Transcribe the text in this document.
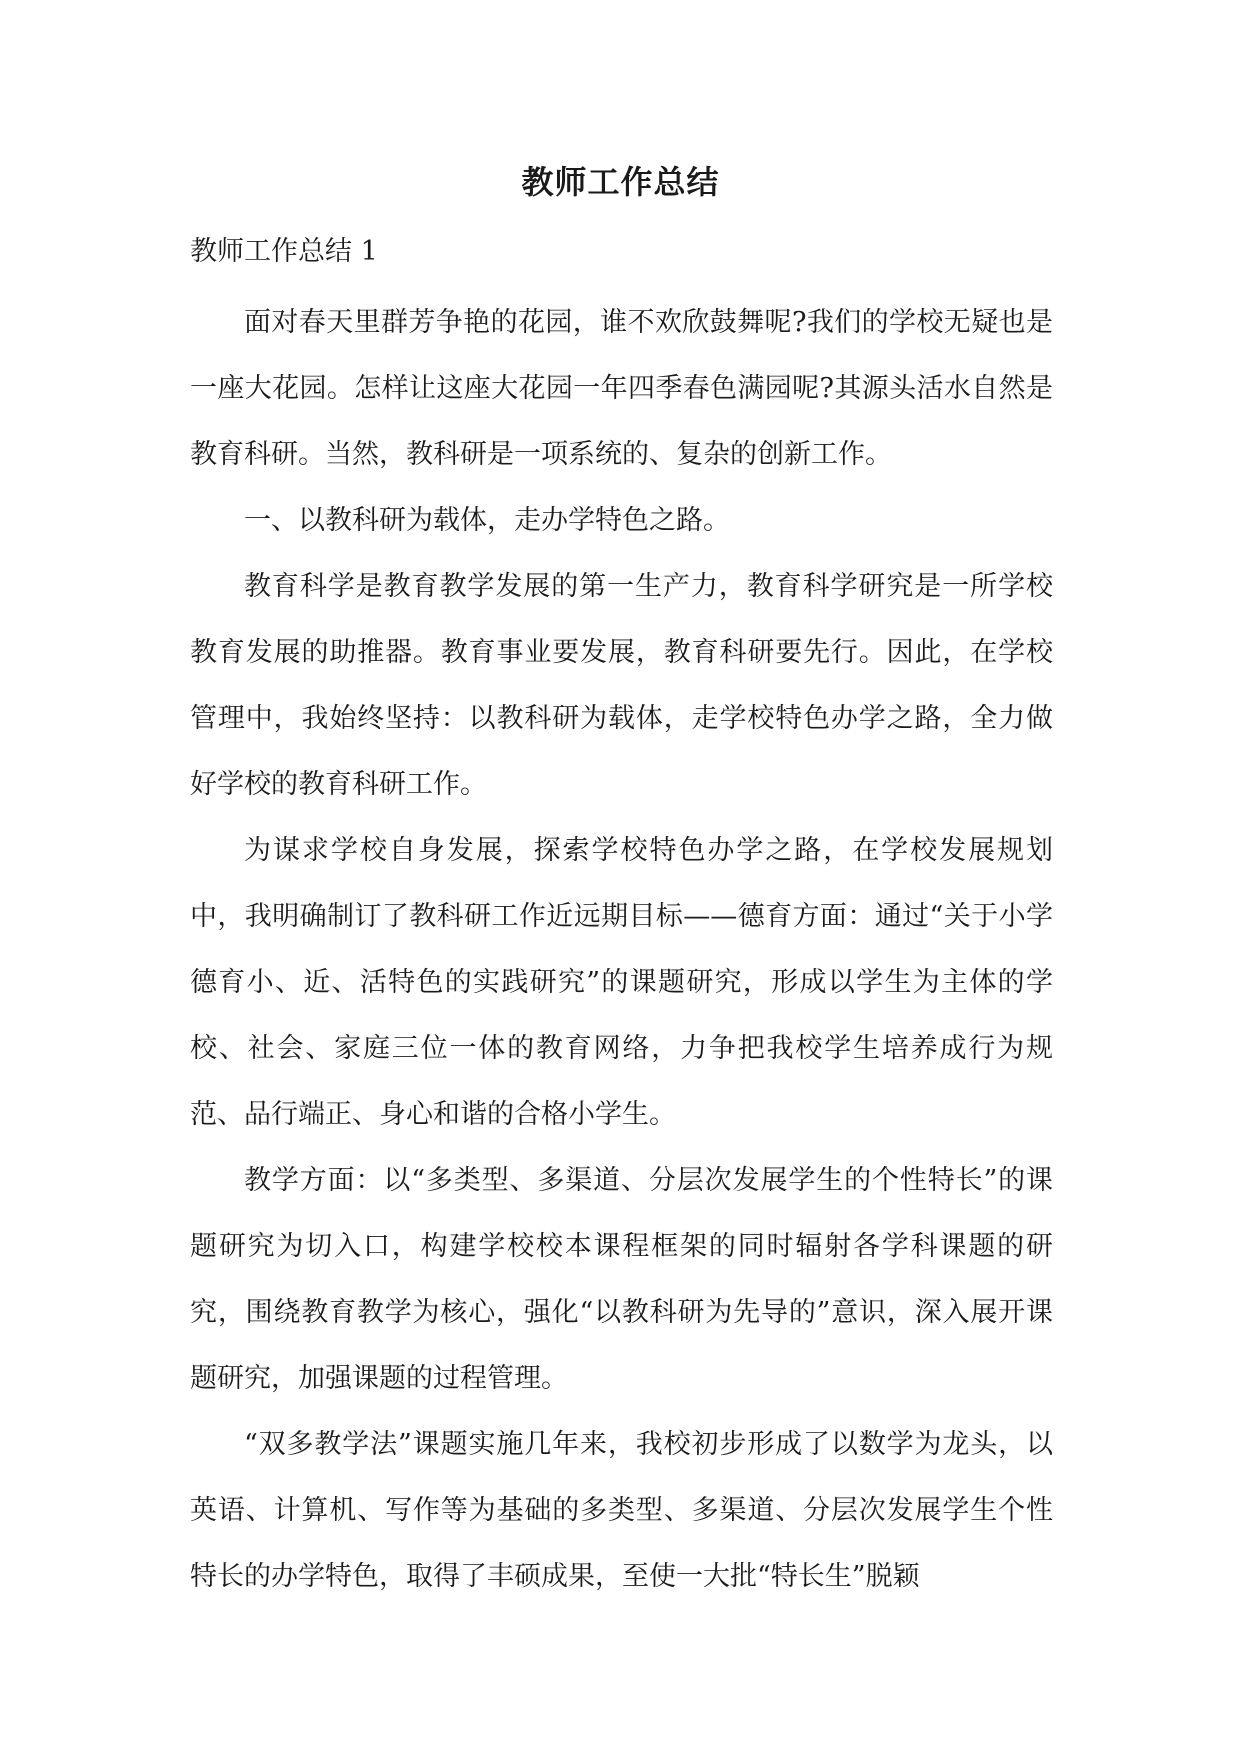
教师工作总结
教师工作总结 1

面对春天里群芳争艳的花园，谁不欢欣鼓舞呢?我们的学校无疑也是一座大花园。怎样让这座大花园一年四季春色满园呢?其源头活水自然是教育科研。当然，教科研是一项系统的、复杂的创新工作。

一、以教科研为载体，走办学特色之路。

教育科学是教育教学发展的第一生产力，教育科学研究是一所学校教育发展的助推器。教育事业要发展，教育科研要先行。因此，在学校管理中，我始终坚持：以教科研为载体，走学校特色办学之路，全力做好学校的教育科研工作。

为谋求学校自身发展，探索学校特色办学之路，在学校发展规划中，我明确制订了教科研工作近远期目标——德育方面：通过“关于小学德育小、近、活特色的实践研究”的课题研究，形成以学生为主体的学校、社会、家庭三位一体的教育网络，力争把我校学生培养成行为规范、品行端正、身心和谐的合格小学生。

教学方面：以“多类型、多渠道、分层次发展学生的个性特长”的课题研究为切入口，构建学校校本课程框架的同时辐射各学科课题的研究，围绕教育教学为核心，强化“以教科研为先导的”意识，深入展开课题研究，加强课题的过程管理。

“双多教学法”课题实施几年来，我校初步形成了以数学为龙头，以英语、计算机、写作等为基础的多类型、多渠道、分层次发展学生个性特长的办学特色，取得了丰硕成果，至使一大批“特长生”脱颖
